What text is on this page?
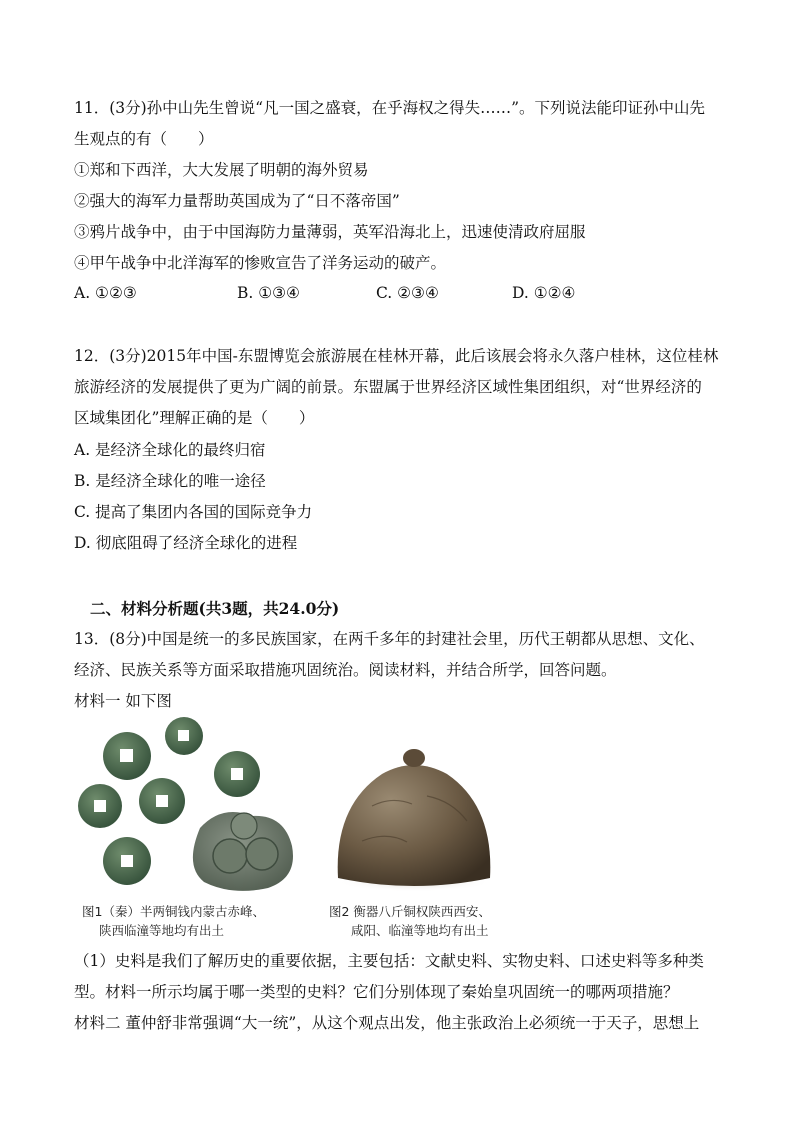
11．(3分)孙中山先生曾说“凡一国之盛衰，在乎海权之得失……”。下列说法能印证孙中山先
生观点的有（　　）
①郑和下西洋，大大发展了明朝的海外贸易
②强大的海军力量帮助英国成为了“日不落帝国”
③鸦片战争中，由于中国海防力量薄弱，英军沿海北上，迅速使清政府屈服
④甲午战争中北洋海军的惨败宣告了洋务运动的破产。
A. ①②③	B. ①③④	C. ②③④	D. ①②④
12．(3分)2015年中国-东盟博览会旅游展在桂林开幕，此后该展会将永久落户桂林，这位桂林
旅游经济的发展提供了更为广阔的前景。东盟属于世界经济区域性集团组织，对“世界经济的
区域集团化”理解正确的是（　　）
A. 是经济全球化的最终归宿
B. 是经济全球化的唯一途径
C. 提高了集团内各国的国际竞争力
D. 彻底阻碍了经济全球化的进程
二、材料分析题(共3题，共24.0分)
13．(8分)中国是统一的多民族国家，在两千多年的封建社会里，历代王朝都从思想、文化、
经济、民族关系等方面采取措施巩固统治。阅读材料，并结合所学，回答问题。
材料一 如下图
图1（秦）半两铜钱内蒙古赤峰、
陕西临潼等地均有出土
图2 衡器八斤铜权陕西西安、
咸阳、临潼等地均有出土
（1）史料是我们了解历史的重要依据，主要包括：文献史料、实物史料、口述史料等多种类
型。材料一所示均属于哪一类型的史料？它们分别体现了秦始皇巩固统一的哪两项措施？
材料二 董仲舒非常强调“大一统”，从这个观点出发，他主张政治上必须统一于天子，思想上
